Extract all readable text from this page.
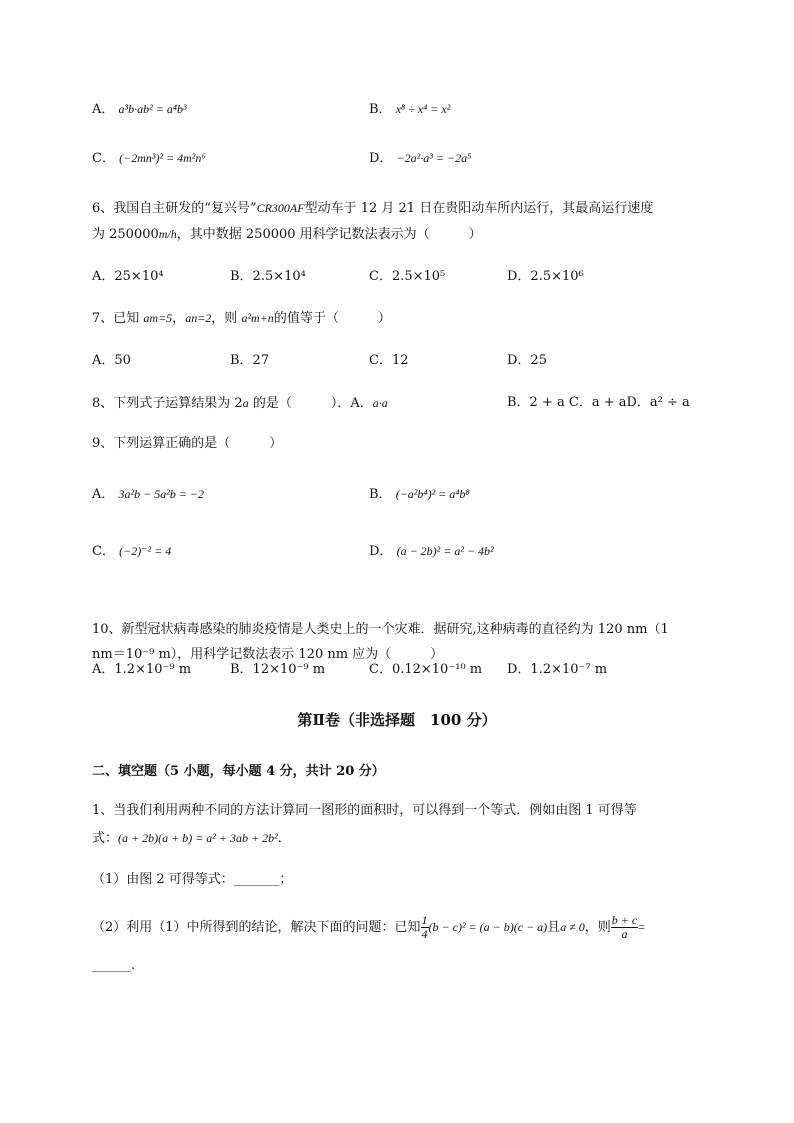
A． a³b·ab² = a⁴b³	B． x⁸ ÷ x⁴ = x²
C． (−2mn³)² = 4m²n⁶	D． −2a²·a³ = −2a⁵
6、我国自主研发的“复兴号”CR300AF型动车于 12 月 21 日在贵阳动车所内运行，其最高运行速度
为 250000m/h，其中数据 250000 用科学记数法表示为（　　　）
A．25×10⁴	B．2.5×10⁴	C．2.5×10⁵	D．2.5×10⁶
7、已知 am=5，an=2，则 a²m+n的值等于（　　　）
A．50	B．27	C．12	D．25
8、下列式子运算结果为 2a 的是（　　　）．A．a·a	B．2 + a C．a + aD．a² ÷ a
9、下列运算正确的是（　　　）
A． 3a²b − 5a²b = −2	B． (−a²b⁴)² = a⁴b⁸
C． (−2)⁻² = 4	D． (a − 2b)² = a² − 4b²
10、新型冠状病毒感染的肺炎疫情是人类史上的一个灾难．据研究,这种病毒的直径约为 120 nm（1
nm＝10⁻⁹ m），用科学记数法表示 120 nm 应为（　　　）
A．1.2×10⁻⁹ m	B．12×10⁻⁹ m	C．0.12×10⁻¹⁰ m D．1.2×10⁻⁷ m
第Ⅱ卷（非选择题　100 分）
二、填空题（5 小题，每小题 4 分，共计 20 分）
1、当我们利用两种不同的方法计算同一图形的面积时，可以得到一个等式．例如由图 1 可得等
式：(a + 2b)(a + b) = a² + 3ab + 2b²．
（1）由图 2 可得等式：_______；
（2）利用（1）中所得到的结论，解决下面的问题：已知 $\frac{1}{4} (b - c)^2 = (a - b)(c - a)$且a ≠ 0，则 $\frac{b + c}{a}$ =
______.
